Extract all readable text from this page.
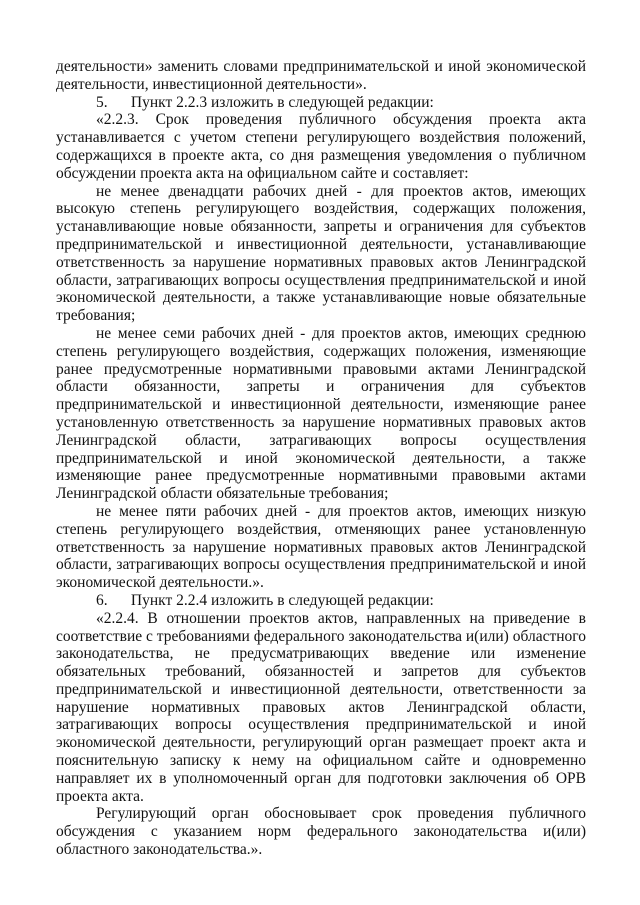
деятельности» заменить словами предпринимательской и иной экономической деятельности, инвестиционной деятельности».

5.      Пункт 2.2.3 изложить в следующей редакции:

«2.2.3. Срок проведения публичного обсуждения проекта акта устанавливается с учетом степени регулирующего воздействия положений, содержащихся в проекте акта, со дня размещения уведомления о публичном обсуждении проекта акта на официальном сайте и составляет:

не менее двенадцати рабочих дней - для проектов актов, имеющих высокую степень регулирующего воздействия, содержащих положения, устанавливающие новые обязанности, запреты и ограничения для субъектов предпринимательской и инвестиционной деятельности, устанавливающие ответственность за нарушение нормативных правовых актов Ленинградской области, затрагивающих вопросы осуществления предпринимательской и иной экономической деятельности, а также устанавливающие новые обязательные требования;

не менее семи рабочих дней - для проектов актов, имеющих среднюю степень регулирующего воздействия, содержащих положения, изменяющие ранее предусмотренные нормативными правовыми актами Ленинградской области обязанности, запреты и ограничения для субъектов предпринимательской и инвестиционной деятельности, изменяющие ранее установленную ответственность за нарушение нормативных правовых актов Ленинградской области, затрагивающих вопросы осуществления предпринимательской и иной экономической деятельности, а также изменяющие ранее предусмотренные нормативными правовыми актами Ленинградской области обязательные требования;

не менее пяти рабочих дней - для проектов актов, имеющих низкую степень регулирующего воздействия, отменяющих ранее установленную ответственность за нарушение нормативных правовых актов Ленинградской области, затрагивающих вопросы осуществления предпринимательской и иной экономической деятельности.».

6.      Пункт 2.2.4 изложить в следующей редакции:

«2.2.4. В отношении проектов актов, направленных на приведение в соответствие с требованиями федерального законодательства и(или) областного законодательства, не предусматривающих введение или изменение обязательных требований, обязанностей и запретов для субъектов предпринимательской и инвестиционной деятельности, ответственности за нарушение нормативных правовых актов Ленинградской области, затрагивающих вопросы осуществления предпринимательской и иной экономической деятельности, регулирующий орган размещает проект акта и пояснительную записку к нему на официальном сайте и одновременно направляет их в уполномоченный орган для подготовки заключения об ОРВ проекта акта.

Регулирующий орган обосновывает срок проведения публичного обсуждения с указанием норм федерального законодательства и(или) областного законодательства.».
